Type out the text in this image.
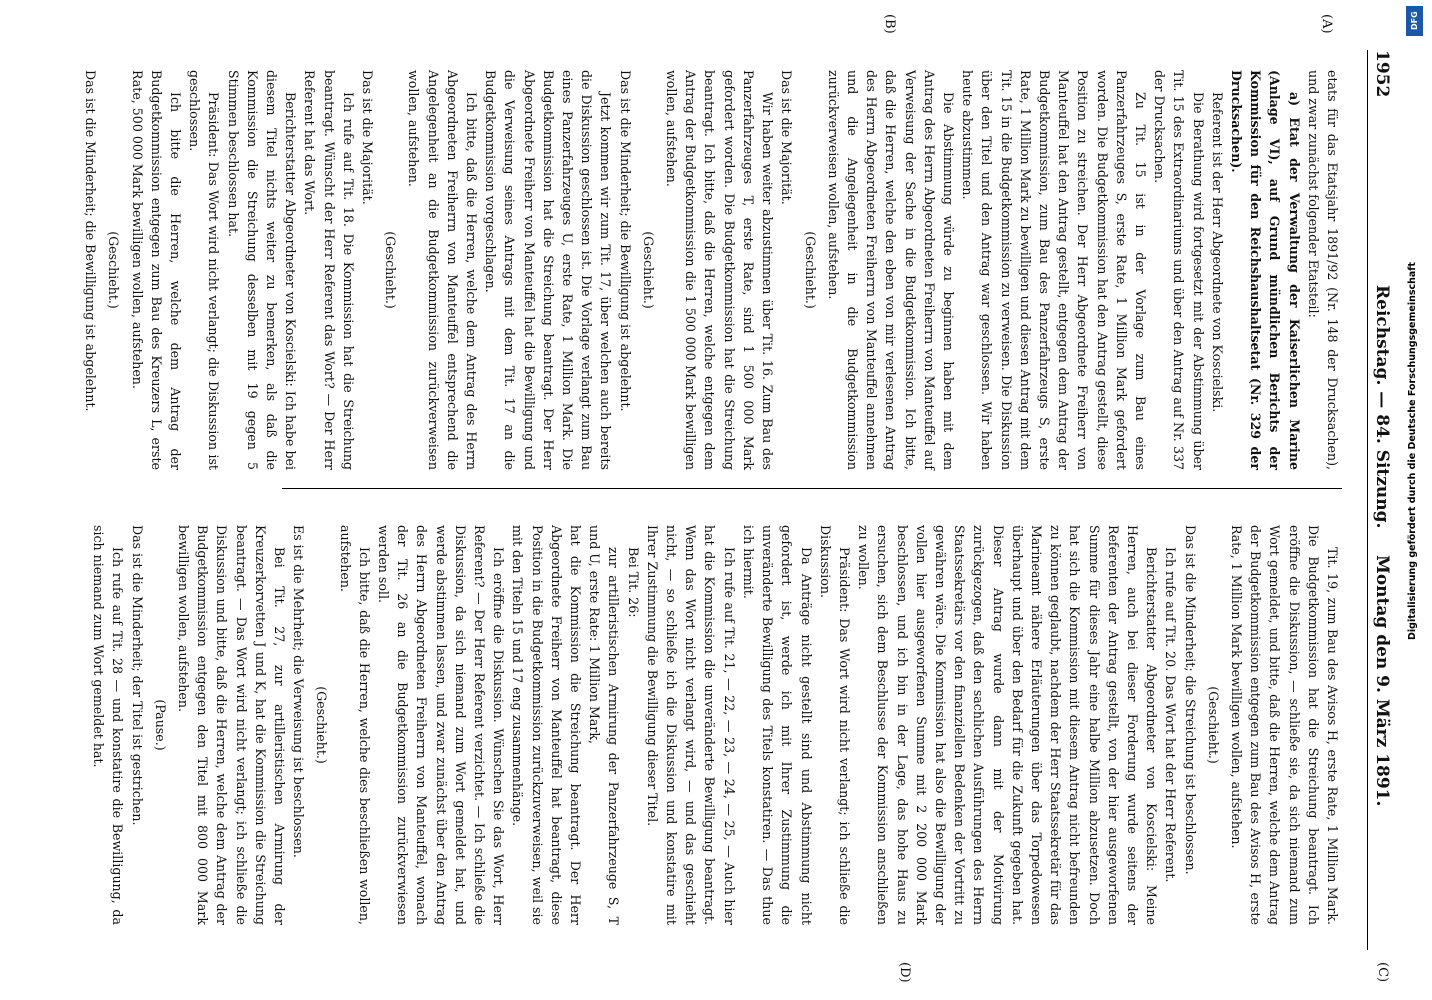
1952
Reichstag. — 84. Sitzung.
Montag den 9. März 1891.
(A)
(B)
(C)
(D)

etats für das Etatsjahr 1891/92 (Nr. 148 der Drucksachen), und zwar zunächst folgender Etatsteil:

a) Etat der Verwaltung der Kaiserlichen Marine (Anlage VI), auf Grund mündlichen Berichts der Kommission für den Reichshaushaltsetat (Nr. 329 der Drucksachen).

Referent ist der Herr Abgeordnete von Koscielski.

Die Berathung wird fortgesetzt mit der Abstimmung über Tit. 15 des Extraordinariums und über den Antrag auf Nr. 337 der Drucksachen.

Zu Tit. 15 ist in der Vorlage zum Bau eines Panzerfahrzeuges S, erste Rate, 1 Million Mark gefordert worden. Die Budgetkommission hat den Antrag gestellt, diese Position zu streichen. Der Herr Abgeordnete Freiherr von Manteuffel hat den Antrag gestellt, entgegen dem Antrag der Budgetkommission, zum Bau des Panzerfahrzeugs S, erste Rate, 1 Million Mark zu bewilligen und diesen Antrag mit dem Tit. 15 in die Budgetkommission zu verweisen. Die Diskussion über den Titel und den Antrag war geschlossen. Wir haben heute abzustimmen.

Die Abstimmung würde zu beginnen haben mit dem Antrag des Herrn Abgeordneten Freiherrn von Manteuffel auf Verweisung der Sache in die Budgetkommission. Ich bitte, daß die Herren, welche den eben von mir verlesenen Antrag des Herrn Abgeordneten Freiherrn von Manteuffel annehmen und die Angelegenheit in die Budgetkommission zurückverweisen wollen, aufstehen.

(Geschieht.)

Das ist die Majorität.

Wir haben weiter abzustimmen über Tit. 16. Zum Bau des Panzerfahrzeuges T, erste Rate, sind 1 500 000 Mark gefordert worden. Die Budgetkommission hat die Streichung beantragt. Ich bitte, daß die Herren, welche entgegen dem Antrag der Budgetkommission die 1 500 000 Mark bewilligen wollen, aufstehen.

(Geschieht.)

Das ist die Minderheit; die Bewilligung ist abgelehnt.

Jetzt kommen wir zum Tit. 17, über welchen auch bereits die Diskussion geschlossen ist. Die Vorlage verlangt zum Bau eines Panzerfahrzeuges U, erste Rate, 1 Million Mark. Die Budgetkommission hat die Streichung beantragt. Der Herr Abgeordnete Freiherr von Manteuffel hat die Bewilligung und die Verweisung seines Antrags mit dem Tit. 17 an die Budgetkommission vorgeschlagen.

Ich bitte, daß die Herren, welche dem Antrag des Herrn Abgeordneten Freiherrn von Manteuffel entsprechend die Angelegenheit an die Budgetkommission zurückverweisen wollen, aufstehen.

(Geschieht.)

Das ist die Majorität.

Ich rufe auf Tit. 18. Die Kommission hat die Streichung beantragt. Wünscht der Herr Referent das Wort? — Der Herr Referent hat das Wort.

Berichterstatter Abgeordneter von Koscielski: Ich habe bei diesem Titel nichts weiter zu bemerken, als daß die Kommission die Streichung desselben mit 19 gegen 5 Stimmen beschlossen hat.

Präsident: Das Wort wird nicht verlangt; die Diskussion ist geschlossen.

Ich bitte die Herren, welche dem Antrag der Budgetkommission entgegen zum Bau des Kreuzers L, erste Rate, 500 000 Mark bewilligen wollen, aufstehen.

(Geschieht.)

Das ist die Minderheit; die Bewilligung ist abgelehnt.

Tit. 19, zum Bau des Avisos H, erste Rate, 1 Million Mark. Die Budgetkommission hat die Streichung beantragt. Ich eröffne die Diskussion, — schließe sie, da sich niemand zum Wort gemeldet, und bitte, daß die Herren, welche dem Antrag der Budgetkommission entgegen zum Bau des Avisos H, erste Rate, 1 Million Mark bewilligen wollen, aufstehen.

(Geschieht.)

Das ist die Minderheit; die Streichung ist beschlossen.

Ich rufe auf Tit. 20. Das Wort hat der Herr Referent.

Berichterstatter Abgeordneter von Koscielski: Meine Herren, auch bei dieser Forderung wurde seitens der Referenten der Antrag gestellt, von der hier ausgeworfenen Summe für dieses Jahr eine halbe Million abzusetzen. Doch hat sich die Kommission mit diesem Antrag nicht befreunden zu können geglaubt, nachdem der Herr Staatssekretär für das Marineamt nähere Erläuterungen über das Torpedowesen überhaupt und über den Bedarf für die Zukunft gegeben hat. Dieser Antrag wurde dann mit der Motivirung zurückgezogen, daß den sachlichen Ausführungen des Herrn Staatssekretärs vor den finanziellen Bedenken der Vortritt zu gewähren wäre. Die Kommission hat also die Bewilligung der vollen hier ausgeworfenen Summe mit 2 200 000 Mark beschlossen, und ich bin in der Lage, das hohe Haus zu ersuchen, sich dem Beschlusse der Kommission anschließen zu wollen.

Präsident: Das Wort wird nicht verlangt; ich schließe die Diskussion.

Da Anträge nicht gestellt sind und Abstimmung nicht gefordert ist, werde ich mit Ihrer Zustimmung die unveränderte Bewilligung des Titels konstatiren. — Das thue ich hiermit.

Ich rufe auf Tit. 21, — 22, — 23, — 24, — 25, — Auch hier hat die Kommission die unveränderte Bewilligung beantragt. Wenn das Wort nicht verlangt wird, — und das geschieht nicht, — so schließe ich die Diskussion und konstatire mit Ihrer Zustimmung die Bewilligung dieser Titel.

Bei Tit. 26:

zur artilleristischen Armirung der Panzerfahrzeuge S, T und U, erste Rate: 1 Million Mark,

hat die Kommission die Streichung beantragt. Der Herr Abgeordnete Freiherr von Manteuffel hat beantragt, diese Position in die Budgetkommission zurückzuverweisen, weil sie mit den Titeln 15 und 17 eng zusammenhänge.

Ich eröffne die Diskussion. Wünschen Sie das Wort, Herr Referent? — Der Herr Referent verzichtet. — Ich schließe die Diskussion, da sich niemand zum Wort gemeldet hat, und werde abstimmen lassen, und zwar zunächst über den Antrag des Herrn Abgeordneten Freiherrn von Manteuffel, wonach der Tit. 26 an die Budgetkommission zurückverwiesen werden soll.

Ich bitte, daß die Herren, welche dies beschließen wollen, aufstehen.

(Geschieht.)

Es ist die Mehrheit; die Verweisung ist beschlossen.

Bei Tit. 27, zur artilleristischen Armirung der Kreuzerkorvetten J und K, hat die Kommission die Streichung beantragt. — Das Wort wird nicht verlangt; ich schließe die Diskussion und bitte, daß die Herren, welche dem Antrag der Budgetkommission entgegen den Titel mit 800 000 Mark bewilligen wollen, aufstehen.

(Pause.)

Das ist die Minderheit; der Titel ist gestrichen.

Ich rufe auf Tit. 28 — und konstatire die Bewilligung, da sich niemand zum Wort gemeldet hat.

DFG
Digitalisierung gefördert durch die Deutsche Forschungsgemeinschaft
